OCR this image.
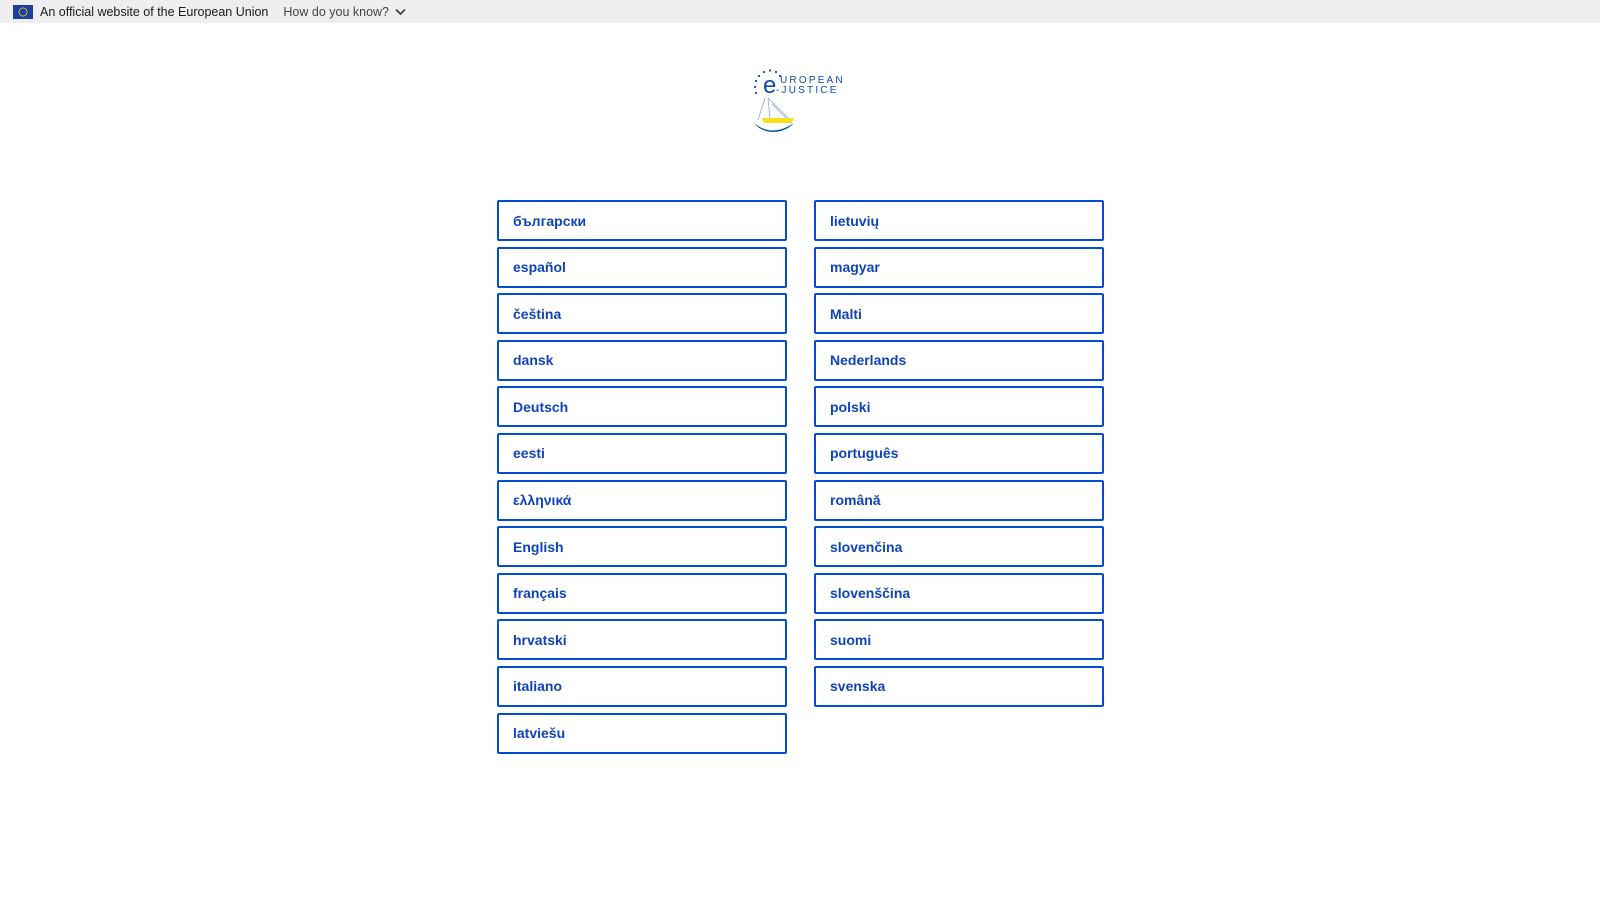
An official website of the European Union How do you know?
e UROPEAN
-JUSTICE
български
español
čeština
dansk
Deutsch
eesti
ελληνικά
English
français
hrvatski
italiano
latviešu
lietuvių
magyar
Malti
Nederlands
polski
português
română
slovenčina
slovenščina
suomi
svenska
